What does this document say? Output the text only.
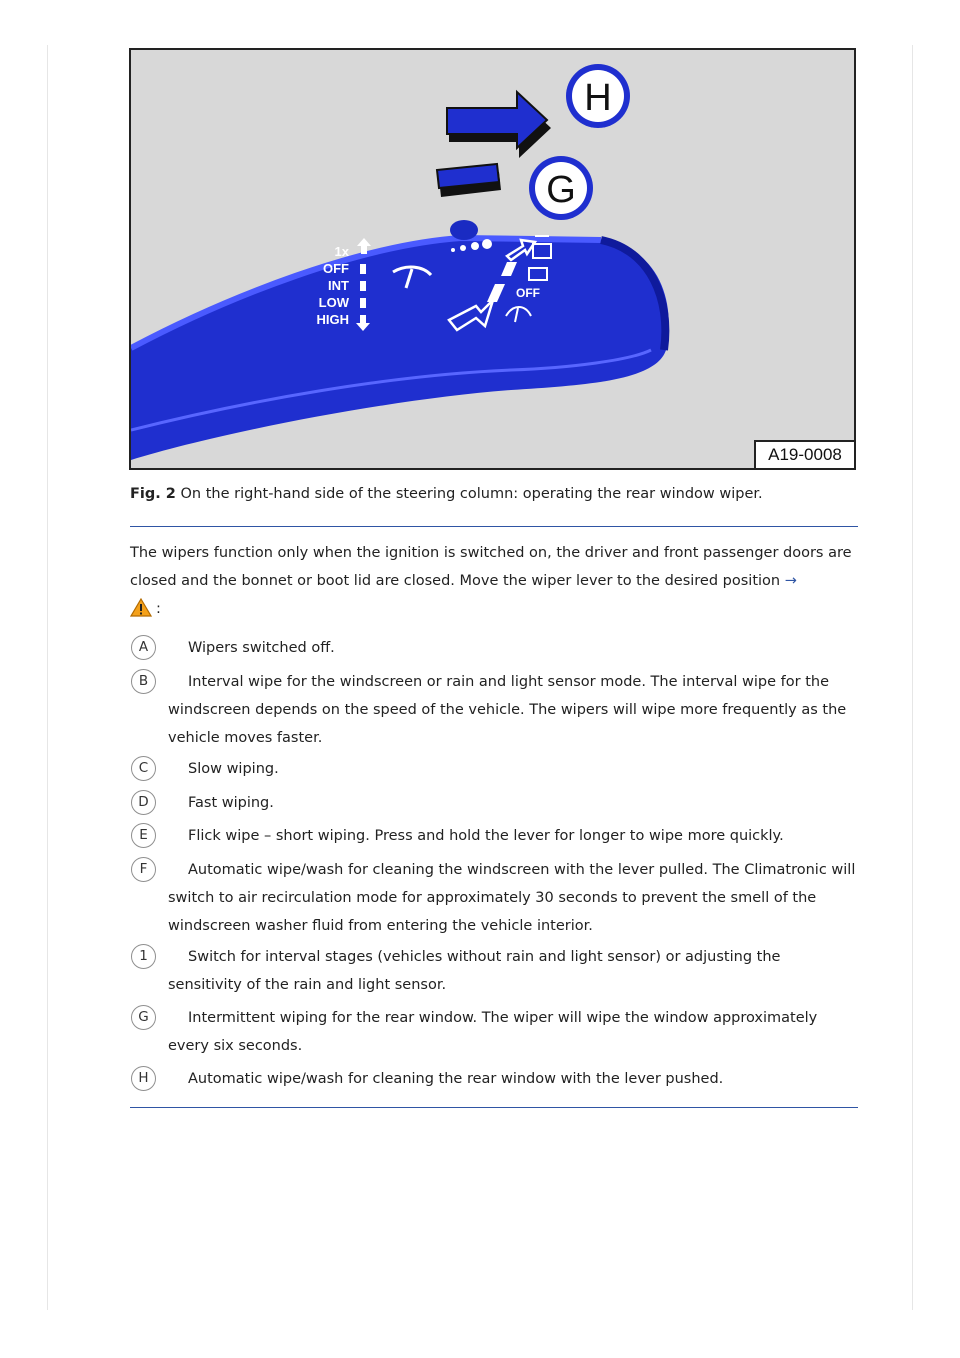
H
G
1x
OFF
INT
LOW
HIGH
OFF
A19-0008
Fig. 2 On the right-hand side of the steering column: operating the rear window wiper.
The wipers function only when the ignition is switched on, the driver and front passenger doors are closed and the bonnet or boot lid are closed. Move the wiper lever to the desired position →
:
A	Wipers switched off.
B	Interval wipe for the windscreen or rain and light sensor mode. The interval wipe for the windscreen depends on the speed of the vehicle. The wipers will wipe more frequently as the vehicle moves faster.
C	Slow wiping.
D	Fast wiping.
E	Flick wipe – short wiping. Press and hold the lever for longer to wipe more quickly.
F	Automatic wipe/wash for cleaning the windscreen with the lever pulled. The Climatronic will switch to air recirculation mode for approximately 30 seconds to prevent the smell of the windscreen washer fluid from entering the vehicle interior.
1	Switch for interval stages (vehicles without rain and light sensor) or adjusting the sensitivity of the rain and light sensor.
G	Intermittent wiping for the rear window. The wiper will wipe the window approximately every six seconds.
H	Automatic wipe/wash for cleaning the rear window with the lever pushed.
